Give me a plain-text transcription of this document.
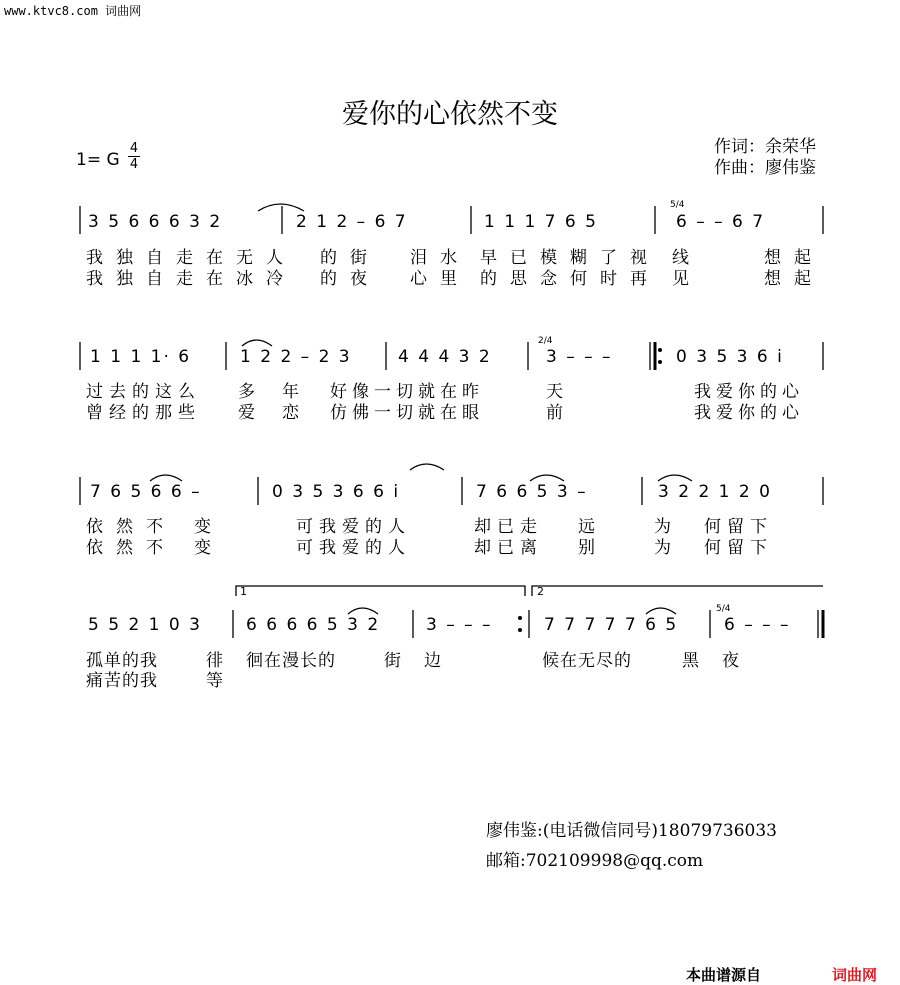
www.ktvc8.com 词曲网
爱你的心依然不变
作词：余荣华
作曲：廖伟鉴
1= G
4
4
1	2
5/4
2/4
5/4
3 5 6 6 6 3 2	2 1 2 – 6 7	1 1 1 7 6 5	6 – – 6 7
我独自走在无人 的街 泪水 早已模糊了视 线	想起
我独自走在冰冷 的夜 心里 的思念何时再 见	想起
1 1 1 1· 6	1 2 2 – 2 3	4 4 4 3 2	3 – – –	0 3 5 3 6 i
过去的这么 多 年 好像一切就在昨	天	我爱你的心
曾经的那些 爱 恋 仿佛一切就在眼	前	我爱你的心
7 6 5 6 6 –	0 3 5 3 6 6 i	7 6 6 5 3 –	3 2 2 1 2 0
依然不 变	可我爱的人	却已走 远	为 何留下
依然不 变	可我爱的人	却已离 别	为 何留下
5 5 2 1 0 3	6 6 6 6 5 3 2	3 – – –	7 7 7 7 7 6 5	6 – – –
孤单的我	徘 徊在漫长的	街 边	候在无尽的	黑 夜
痛苦的我	等
廖伟鉴:(电话微信同号)18079736033
邮箱:702109998@qq.com
本曲谱源自	词曲网
